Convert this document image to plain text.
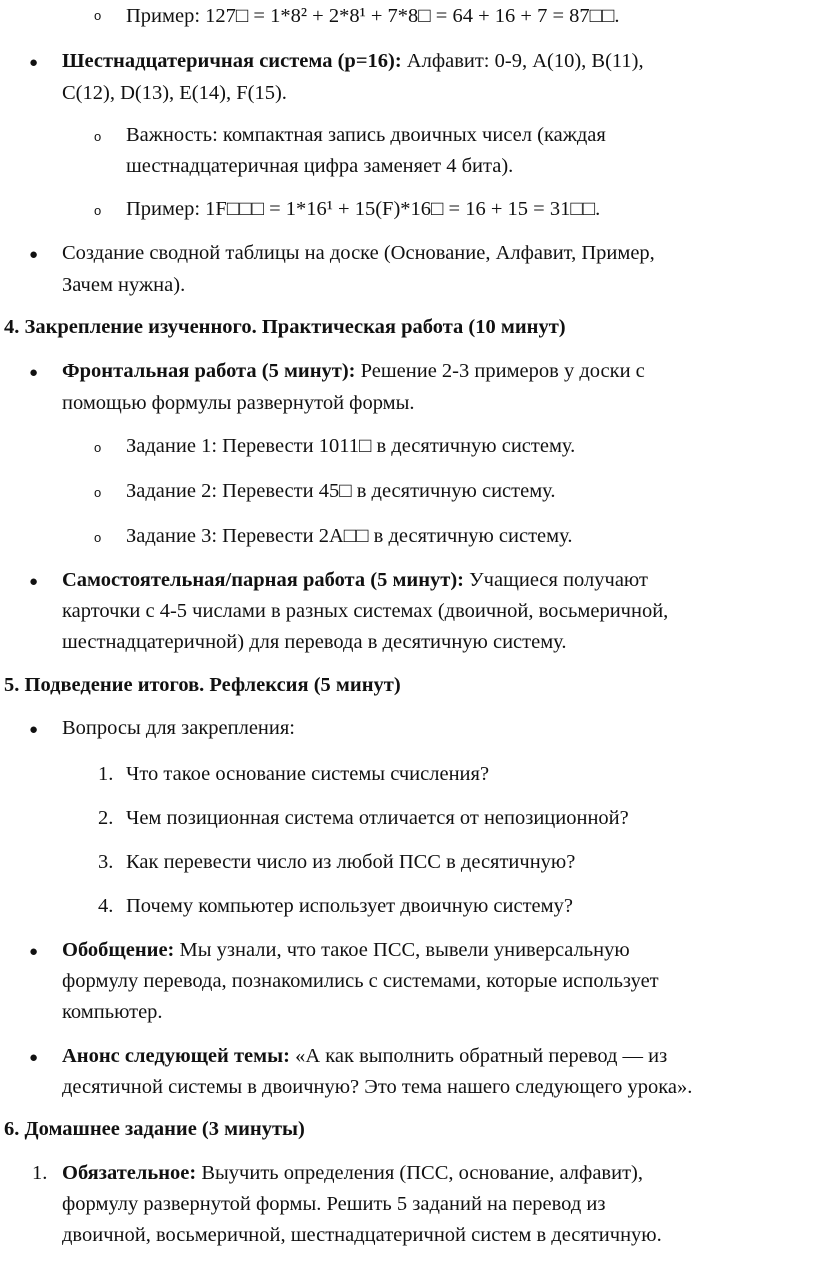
o Пример: 127□ = 1*8² + 2*8¹ + 7*8□ = 64 + 16 + 7 = 87□□.
● Шестнадцатеричная система (p=16): Алфавит: 0-9, A(10), B(11),
C(12), D(13), E(14), F(15).
o Важность: компактная запись двоичных чисел (каждая
шестнадцатеричная цифра заменяет 4 бита).
o Пример: 1F□□□ = 1*16¹ + 15(F)*16□ = 16 + 15 = 31□□.
● Создание сводной таблицы на доске (Основание, Алфавит, Пример,
Зачем нужна).
4. Закрепление изученного. Практическая работа (10 минут)
● Фронтальная работа (5 минут): Решение 2-3 примеров у доски с
помощью формулы развернутой формы.
o Задание 1: Перевести 1011□ в десятичную систему.
o Задание 2: Перевести 45□ в десятичную систему.
o Задание 3: Перевести 2A□□ в десятичную систему.
● Самостоятельная/парная работа (5 минут): Учащиеся получают
карточки с 4-5 числами в разных системах (двоичной, восьмеричной,
шестнадцатеричной) для перевода в десятичную систему.
5. Подведение итогов. Рефлексия (5 минут)
● Вопросы для закрепления:
1. Что такое основание системы счисления?
2. Чем позиционная система отличается от непозиционной?
3. Как перевести число из любой ПСС в десятичную?
4. Почему компьютер использует двоичную систему?
● Обобщение: Мы узнали, что такое ПСС, вывели универсальную
формулу перевода, познакомились с системами, которые использует
компьютер.
● Анонс следующей темы: «А как выполнить обратный перевод — из
десятичной системы в двоичную? Это тема нашего следующего урока».
6. Домашнее задание (3 минуты)
1. Обязательное: Выучить определения (ПСС, основание, алфавит),
формулу развернутой формы. Решить 5 заданий на перевод из
двоичной, восьмеричной, шестнадцатеричной систем в десятичную.
